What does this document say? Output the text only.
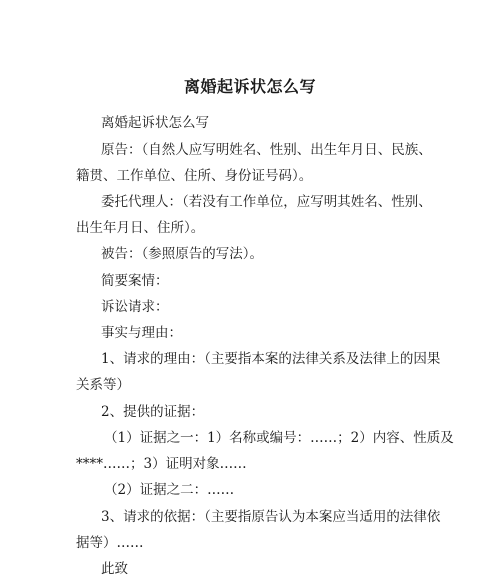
离婚起诉状怎么写
离婚起诉状怎么写
原告：（自然人应写明姓名、性别、出生年月日、民族、
籍贯、工作单位、住所、身份证号码）。
委托代理人：（若没有工作单位，应写明其姓名、性别、
出生年月日、住所）。
被告：（参照原告的写法）。
简要案情：
诉讼请求：
事实与理由：
1、请求的理由：（主要指本案的法律关系及法律上的因果
关系等）
2、提供的证据：
（1）证据之一：1）名称或编号：……；2）内容、性质及
****……；3）证明对象……
（2）证据之二：……
3、请求的依据：（主要指原告认为本案应当适用的法律依
据等）……
此致
